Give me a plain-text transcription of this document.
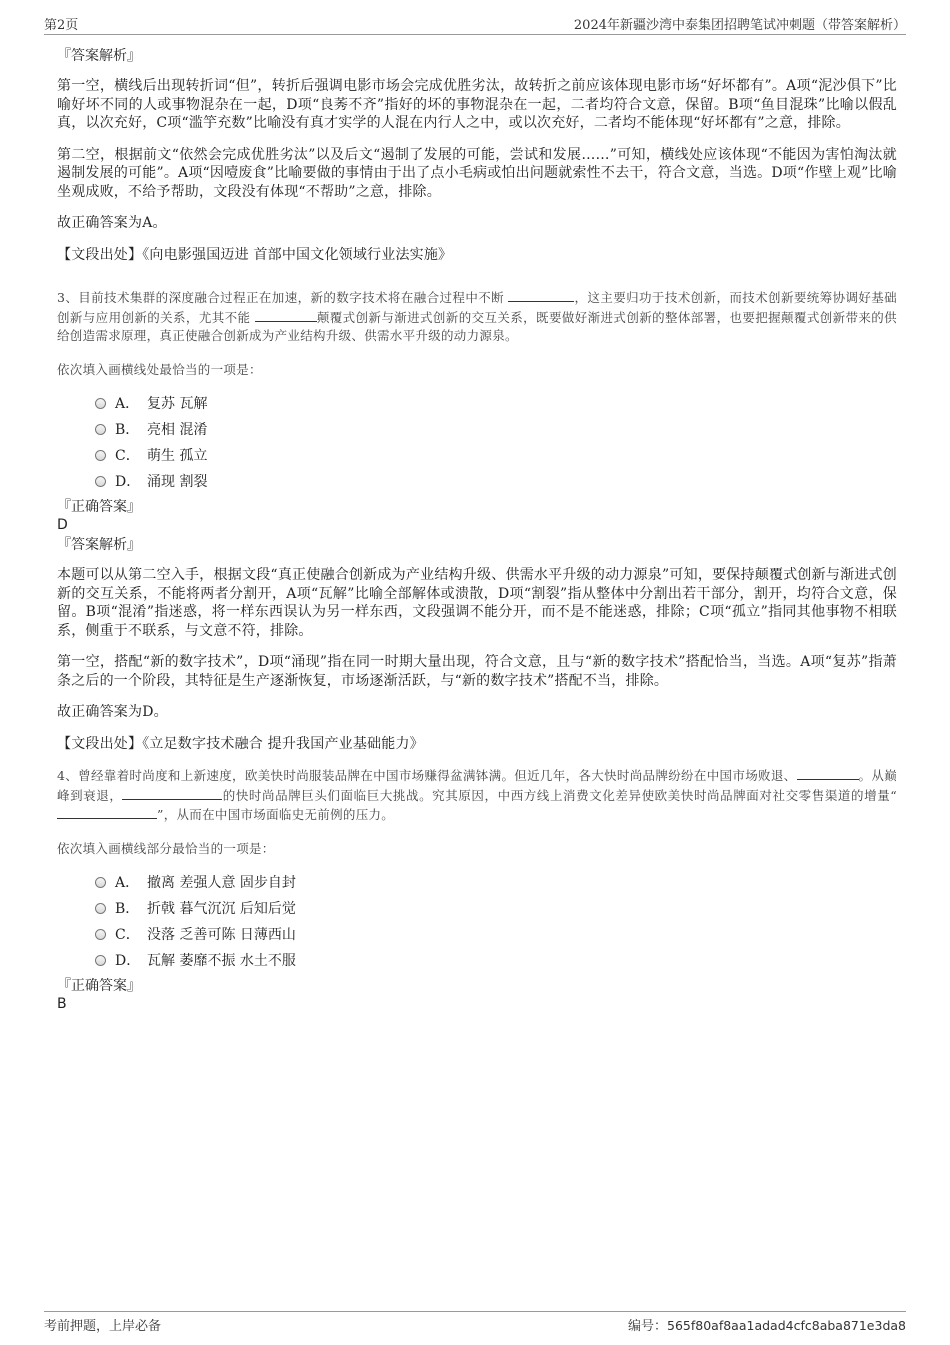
第2页	2024年新疆沙湾中泰集团招聘笔试冲刺题（带答案解析）

『答案解析』

第一空，横线后出现转折词“但”，转折后强调电影市场会完成优胜劣汰，故转折之前应该体现电影市场“好坏都有”。A项“泥沙俱下”比喻好坏不同的人或事物混杂在一起，D项“良莠不齐”指好的坏的事物混杂在一起，二者均符合文意，保留。B项“鱼目混珠”比喻以假乱真，以次充好，C项“滥竽充数”比喻没有真才实学的人混在内行人之中，或以次充好，二者均不能体现“好坏都有”之意，排除。

第二空，根据前文“依然会完成优胜劣汰”以及后文“遏制了发展的可能，尝试和发展……”可知，横线处应该体现“不能因为害怕淘汰就遏制发展的可能”。A项“因噎废食”比喻要做的事情由于出了点小毛病或怕出问题就索性不去干，符合文意，当选。D项“作壁上观”比喻坐观成败，不给予帮助，文段没有体现“不帮助”之意，排除。

故正确答案为A。

【文段出处】《向电影强国迈进 首部中国文化领域行业法实施》

3、目前技术集群的深度融合过程正在加速，新的数字技术将在融合过程中不断	，这主要归功于技术创新，而技术创新要统筹协调好基础创新与应用创新的关系，尤其不能	颠覆式创新与渐进式创新的交互关系，既要做好渐进式创新的整体部署，也要把握颠覆式创新带来的供给创造需求原理，真正使融合创新成为产业结构升级、供需水平升级的动力源泉。

依次填入画横线处最恰当的一项是：

A． 复苏 瓦解
B． 亮相 混淆
C． 萌生 孤立
D． 涌现 割裂

『正确答案』

D

『答案解析』

本题可以从第二空入手，根据文段“真正使融合创新成为产业结构升级、供需水平升级的动力源泉”可知，要保持颠覆式创新与渐进式创新的交互关系，不能将两者分割开，A项“瓦解”比喻全部解体或溃散，D项“割裂”指从整体中分割出若干部分，割开，均符合文意，保留。B项“混淆”指迷惑，将一样东西误认为另一样东西，文段强调不能分开，而不是不能迷惑，排除；C项“孤立”指同其他事物不相联系，侧重于不联系，与文意不符，排除。

第一空，搭配“新的数字技术”，D项“涌现”指在同一时期大量出现，符合文意，且与“新的数字技术”搭配恰当，当选。A项“复苏”指萧条之后的一个阶段，其特征是生产逐渐恢复，市场逐渐活跃，与“新的数字技术”搭配不当，排除。

故正确答案为D。

【文段出处】《立足数字技术融合 提升我国产业基础能力》

4、曾经靠着时尚度和上新速度，欧美快时尚服装品牌在中国市场赚得盆满钵满。但近几年，各大快时尚品牌纷纷在中国市场败退、	。从巅峰到衰退，	的快时尚品牌巨头们面临巨大挑战。究其原因，中西方线上消费文化差异使欧美快时尚品牌面对社交零售渠道的增量“”，从而在中国市场面临史无前例的压力。

依次填入画横线部分最恰当的一项是：

A． 撤离 差强人意 固步自封
B． 折戟 暮气沉沉 后知后觉
C． 没落 乏善可陈 日薄西山
D． 瓦解 萎靡不振 水土不服

『正确答案』

B

考前押题，上岸必备	编号：565f80af8aa1adad4cfc8aba871e3da8
